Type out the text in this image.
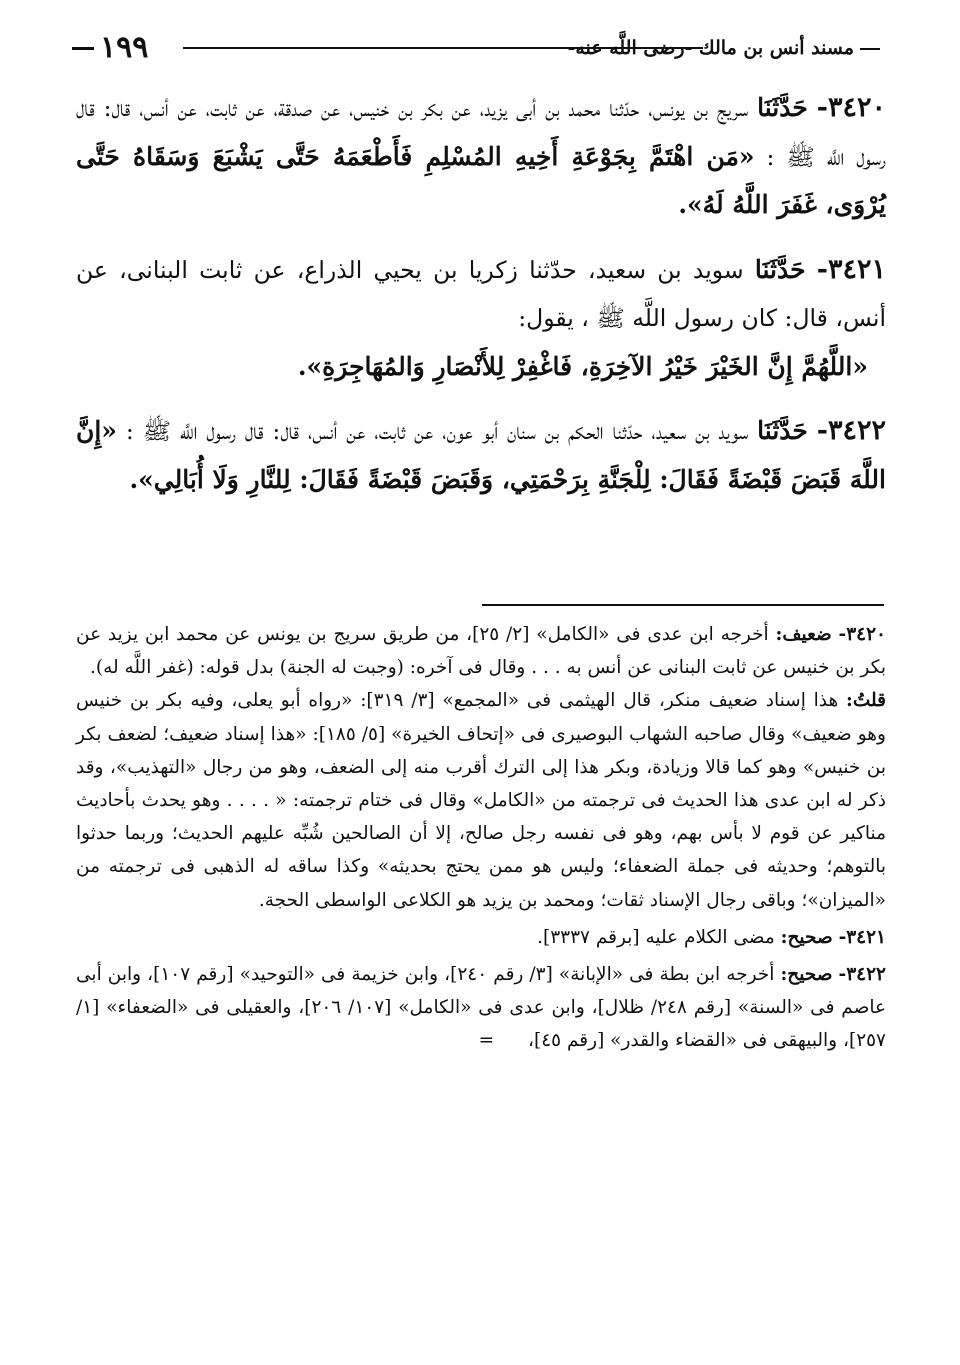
١٩٩	مسند أنس بن مالك -رضى اللَّه عنه-

٣٤٢٠- حَدَّثَنَا سريج بن يونس، حدّثنا محمد بن أبى يزيد، عن بكر بن خنيس، عن صدقة، عن ثابت، عن أنس، قال: قال رسول اللَّه ﷺ : «مَن اهْتَمَّ بِجَوْعَةِ أَخِيهِ المُسْلِمِ فَأَطْعَمَهُ حَتَّى يَشْبَعَ وَسَقَاهُ حَتَّى يُرْوَى، غَفَرَ اللَّهُ لَهُ».

٣٤٢١- حَدَّثَنَا سويد بن سعيد، حدّثنا زكريا بن يحيي الذراع، عن ثابت البنانى، عن أنس، قال: كان رسول اللَّه ﷺ ، يقول:
«اللَّهُمَّ إِنَّ الخَيْرَ خَيْرُ الآخِرَةِ، فَاغْفِرْ لِلأَنْصَارِ وَالمُهَاجِرَةِ».

٣٤٢٢- حَدَّثَنَا سويد بن سعيد، حدّثنا الحكم بن سنان أبو عون، عن ثابت، عن أنس، قال: قال رسول اللَّه ﷺ : «إِنَّ اللَّهَ قَبَضَ قَبْضَةً فَقَالَ: لِلْجَنَّةِ بِرَحْمَتِي، وَقَبَضَ قَبْضَةً فَقَالَ: لِلنَّارِ وَلَا أُبَالِي».

٣٤٢٠- ضعيف: أخرجه ابن عدى فى «الكامل» [٢/ ٢٥]، من طريق سريج بن يونس عن محمد ابن يزيد عن بكر بن خنيس عن ثابت البنانى عن أنس به . . . وقال فى آخره: (وجبت له الجنة) بدل قوله: (غفر اللَّه له).
قلتُ: هذا إسناد ضعيف منكر، قال الهيثمى فى «المجمع» [٣/ ٣١٩]: «رواه أبو يعلى، وفيه بكر بن خنيس وهو ضعيف» وقال صاحبه الشهاب البوصيرى فى «إتحاف الخيرة» [٥/ ١٨٥]: «هذا إسناد ضعيف؛ لضعف بكر بن خنيس» وهو كما قالا وزيادة، وبكر هذا إلى الترك أقرب منه إلى الضعف، وهو من رجال «التهذيب»، وقد ذكر له ابن عدى هذا الحديث فى ترجمته من «الكامل» وقال فى ختام ترجمته: « . . . . وهو يحدث بأحاديث مناكير عن قوم لا بأس بهم، وهو فى نفسه رجل صالح، إلا أن الصالحين شُبِّه عليهم الحديث؛ وربما حدثوا بالتوهم؛ وحديثه فى جملة الضعفاء؛ وليس هو ممن يحتج بحديثه» وكذا ساقه له الذهبى فى ترجمته من «الميزان»؛ وباقى رجال الإسناد ثقات؛ ومحمد بن يزيد هو الكلاعى الواسطى الحجة.

٣٤٢١- صحيح: مضى الكلام عليه [برقم ٣٣٣٧].

٣٤٢٢- صحيح: أخرجه ابن بطة فى «الإبانة» [٣/ رقم ٢٤٠]، وابن خزيمة فى «التوحيد» [رقم ١٠٧]، وابن أبى عاصم فى «السنة» [رقم ٢٤٨/ ظلال]، وابن عدى فى «الكامل» [١٠٧/ ٢٠٦]، والعقيلى فى «الضعفاء» [١/ ٢٥٧]، والبيهقى فى «القضاء والقدر» [رقم ٤٥]، =
